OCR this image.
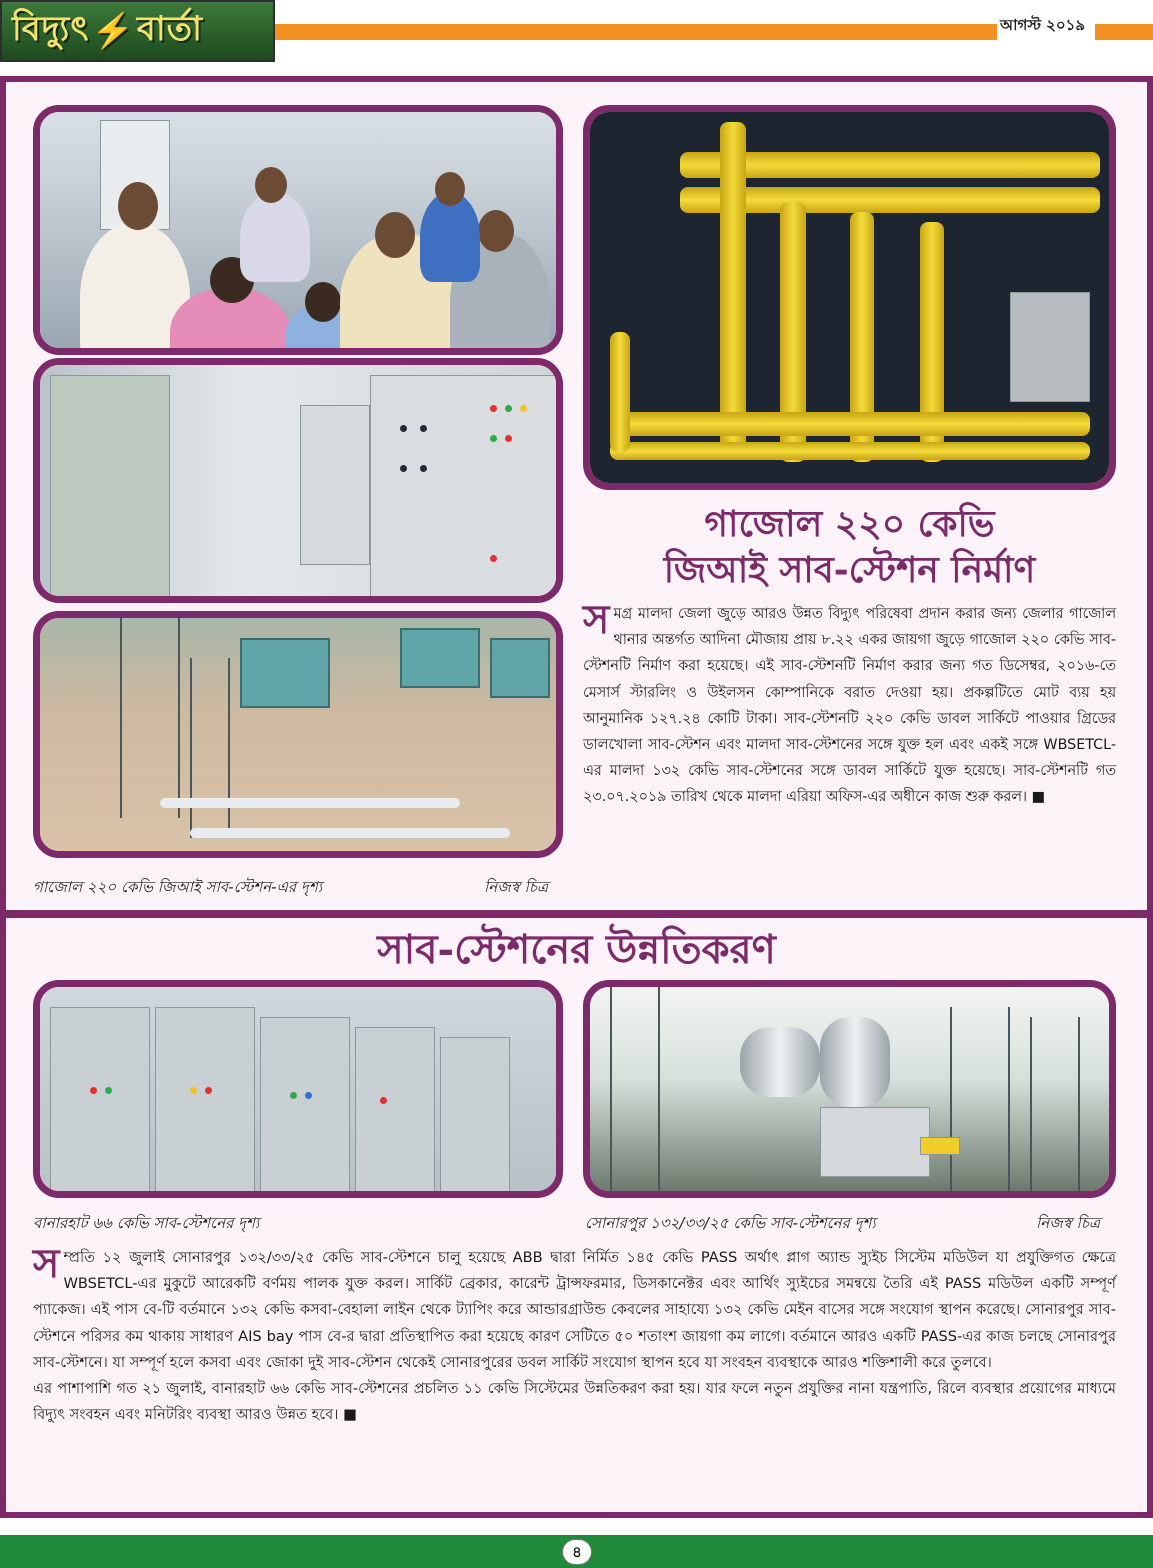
বিদ্যুৎ ⚡ বার্তা	আগস্ট ২০১৯
গাজোল ২২০ কেভি
জিআই সাব-স্টেশন নির্মাণ
সমগ্র মালদা জেলা জুড়ে আরও উন্নত বিদ্যুৎ পরিষেবা প্রদান করার জন্য জেলার গাজোল থানার অন্তর্গত আদিনা মৌজায় প্রায় ৮.২২ একর জায়গা জুড়ে গাজোল ২২০ কেভি সাব-স্টেশনটি নির্মাণ করা হয়েছে। এই সাব-স্টেশনটি নির্মাণ করার জন্য গত ডিসেম্বর, ২০১৬-তে মেসার্স স্টারলিং ও উইলসন কোম্পানিকে বরাত দেওয়া হয়। প্রকল্পটিতে মোট ব্যয় হয় আনুমানিক ১২৭.২৪ কোটি টাকা। সাব-স্টেশনটি ২২০ কেভি ডাবল সার্কিটে পাওয়ার গ্রিডের ডালখোলা সাব-স্টেশন এবং মালদা সাব-স্টেশনের সঙ্গে যুক্ত হল এবং একই সঙ্গে WBSETCL-এর মালদা ১৩২ কেভি সাব-স্টেশনের সঙ্গে ডাবল সার্কিটে যুক্ত হয়েছে। সাব-স্টেশনটি গত ২৩.০৭.২০১৯ তারিখ থেকে মালদা এরিয়া অফিস-এর অধীনে কাজ শুরু করল। ■
গাজোল ২২০ কেভি জিআই সাব-স্টেশন-এর দৃশ্য	নিজস্ব চিত্র
সাব-স্টেশনের উন্নতিকরণ
বানারহাট ৬৬ কেভি সাব-স্টেশনের দৃশ্য	সোনারপুর ১৩২/৩৩/২৫ কেভি সাব-স্টেশনের দৃশ্য	নিজস্ব চিত্র
সম্প্রতি ১২ জুলাই সোনারপুর ১৩২/৩৩/২৫ কেভি সাব-স্টেশনে চালু হয়েছে ABB দ্বারা নির্মিত ১৪৫ কেভি PASS অর্থাৎ প্লাগ অ্যান্ড স্যুইচ সিস্টেম মডিউল যা প্রযুক্তিগত ক্ষেত্রে WBSETCL-এর মুকুটে আরেকটি বর্ণময় পালক যুক্ত করল। সার্কিট ব্রেকার, কারেন্ট ট্রান্সফরমার, ডিসকানেক্টর এবং আর্থিং স্যুইচের সমন্বয়ে তৈরি এই PASS মডিউল একটি সম্পূর্ণ প্যাকেজ। এই পাস বে-টি বর্তমানে ১৩২ কেভি কসবা-বেহালা লাইন থেকে ট্যাপিং করে আন্ডারগ্রাউন্ড কেবলের সাহায্যে ১৩২ কেভি মেইন বাসের সঙ্গে সংযোগ স্থাপন করেছে। সোনারপুর সাব-স্টেশনে পরিসর কম থাকায় সাধারণ AIS bay পাস বে-র দ্বারা প্রতিস্থাপিত করা হয়েছে কারণ সেটিতে ৫০ শতাংশ জায়গা কম লাগে। বর্তমানে আরও একটি PASS-এর কাজ চলছে সোনারপুর সাব-স্টেশনে। যা সম্পূর্ণ হলে কসবা এবং জোকা দুই সাব-স্টেশন থেকেই সোনারপুরের ডবল সার্কিট সংযোগ স্থাপন হবে যা সংবহন ব্যবস্থাকে আরও শক্তিশালী করে তুলবে।
এর পাশাপাশি গত ২১ জুলাই, বানারহাট ৬৬ কেভি সাব-স্টেশনের প্রচলিত ১১ কেভি সিস্টেমের উন্নতিকরণ করা হয়। যার ফলে নতুন প্রযুক্তির নানা যন্ত্রপাতি, রিলে ব্যবস্থার প্রয়োগের মাধ্যমে বিদ্যুৎ সংবহন এবং মনিটরিং ব্যবস্থা আরও উন্নত হবে। ■
৪
